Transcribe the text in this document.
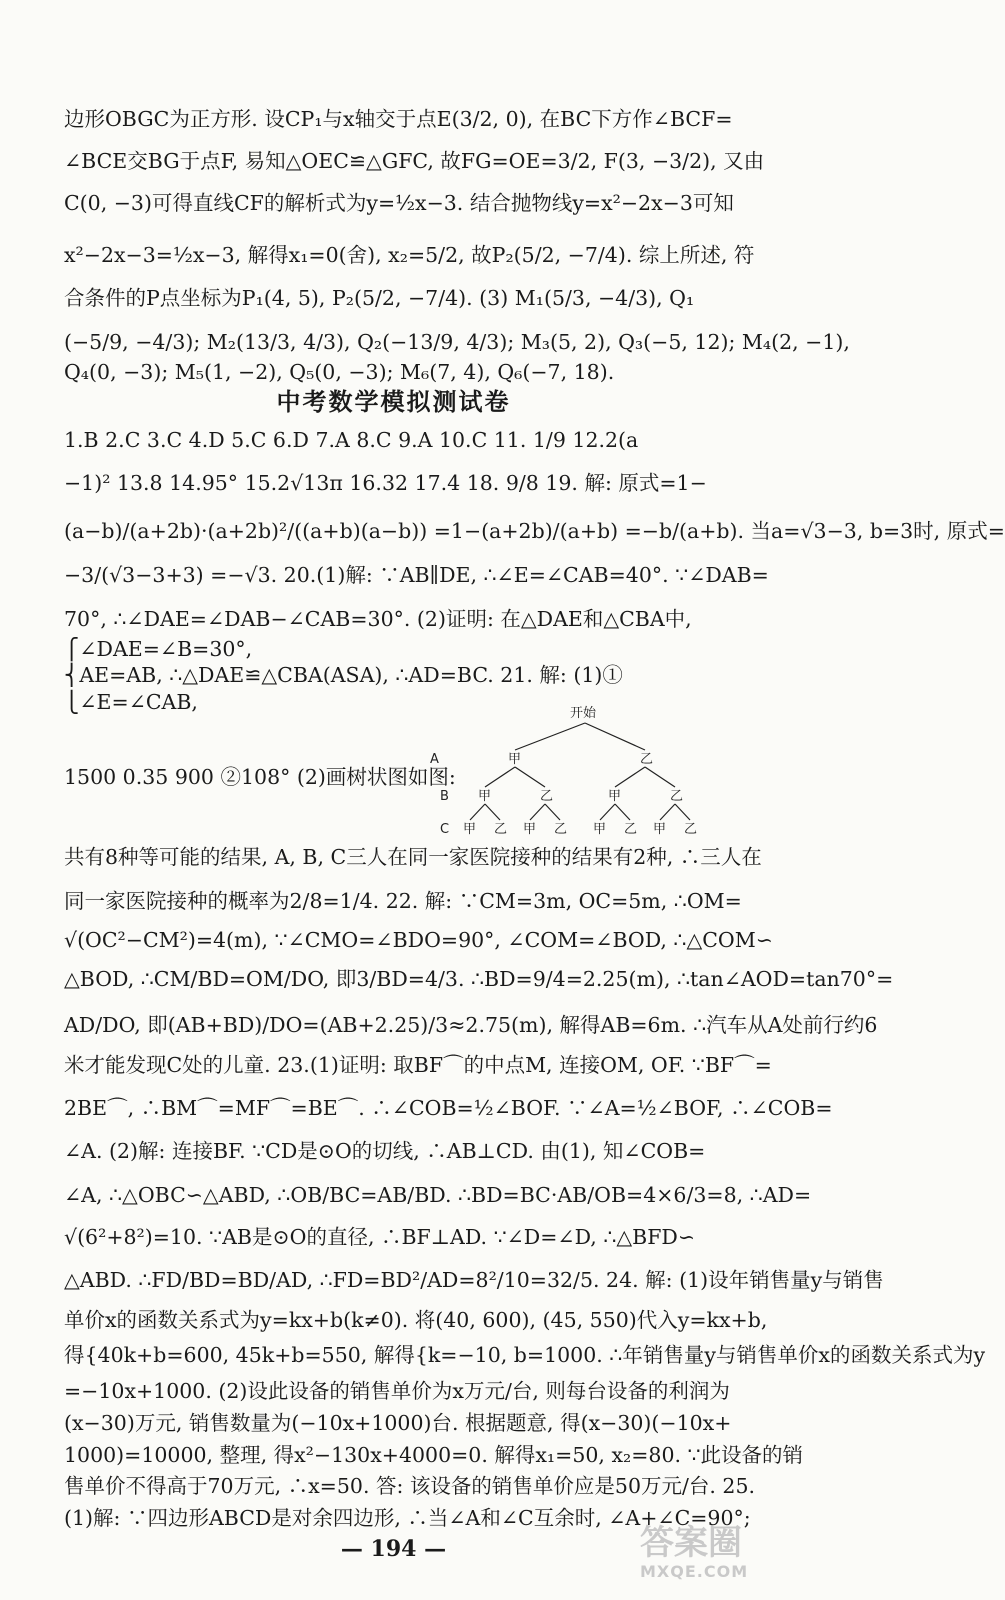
边形OBGC为正方形. 设CP₁与x轴交于点E(3/2, 0), 在BC下方作∠BCF=
∠BCE交BG于点F, 易知△OEC≌△GFC, 故FG=OE=3/2, F(3, −3/2), 又由
C(0, −3)可得直线CF的解析式为y=½x−3. 结合抛物线y=x²−2x−3可知
x²−2x−3=½x−3, 解得x₁=0(舍), x₂=5/2, 故P₂(5/2, −7/4). 综上所述, 符
合条件的P点坐标为P₁(4, 5), P₂(5/2, −7/4). (3) M₁(5/3, −4/3), Q₁
(−5/9, −4/3); M₂(13/3, 4/3), Q₂(−13/9, 4/3); M₃(5, 2), Q₃(−5, 12); M₄(2, −1),
Q₄(0, −3); M₅(1, −2), Q₅(0, −3); M₆(7, 4), Q₆(−7, 18).
中考数学模拟测试卷
1.B 2.C 3.C 4.D 5.C 6.D 7.A 8.C 9.A 10.C 11. 1/9 12.2(a
−1)² 13.8 14.95° 15.2√13π 16.32 17.4 18. 9/8 19. 解: 原式=1−
(a−b)/(a+2b)·(a+2b)²/((a+b)(a−b)) =1−(a+2b)/(a+b) =−b/(a+b). 当a=√3−3, b=3时, 原式=
−3/(√3−3+3) =−√3. 20.(1)解: ∵AB∥DE, ∴∠E=∠CAB=40°. ∵∠DAB=
70°, ∴∠DAE=∠DAB−∠CAB=30°. (2)证明: 在△DAE和△CBA中,
⎧∠DAE=∠B=30°,
⎨AE=AB, ∴△DAE≌△CBA(ASA), ∴AD=BC. 21. 解: (1)①
⎩∠E=∠CAB,
1500 0.35 900 ②108° (2)画树状图如图:
开始
A
B
C
甲	乙
甲	乙	甲	乙
甲 乙 甲 乙 甲 乙 甲 乙
共有8种等可能的结果, A, B, C三人在同一家医院接种的结果有2种, ∴三人在
同一家医院接种的概率为2/8=1/4. 22. 解: ∵CM=3m, OC=5m, ∴OM=
√(OC²−CM²)=4(m), ∵∠CMO=∠BDO=90°, ∠COM=∠BOD, ∴△COM∽
△BOD, ∴CM/BD=OM/DO, 即3/BD=4/3. ∴BD=9/4=2.25(m), ∴tan∠AOD=tan70°=
AD/DO, 即(AB+BD)/DO=(AB+2.25)/3≈2.75(m), 解得AB=6m. ∴汽车从A处前行约6
米才能发现C处的儿童. 23.(1)证明: 取BF⌒的中点M, 连接OM, OF. ∵BF⌒=
2BE⌒, ∴BM⌒=MF⌒=BE⌒. ∴∠COB=½∠BOF. ∵∠A=½∠BOF, ∴∠COB=
∠A. (2)解: 连接BF. ∵CD是⊙O的切线, ∴AB⊥CD. 由(1), 知∠COB=
∠A, ∴△OBC∽△ABD, ∴OB/BC=AB/BD. ∴BD=BC·AB/OB=4×6/3=8, ∴AD=
√(6²+8²)=10. ∵AB是⊙O的直径, ∴BF⊥AD. ∵∠D=∠D, ∴△BFD∽
△ABD. ∴FD/BD=BD/AD, ∴FD=BD²/AD=8²/10=32/5. 24. 解: (1)设年销售量y与销售
单价x的函数关系式为y=kx+b(k≠0). 将(40, 600), (45, 550)代入y=kx+b,
得{40k+b=600, 45k+b=550, 解得{k=−10, b=1000. ∴年销售量y与销售单价x的函数关系式为y
=−10x+1000. (2)设此设备的销售单价为x万元/台, 则每台设备的利润为
(x−30)万元, 销售数量为(−10x+1000)台. 根据题意, 得(x−30)(−10x+
1000)=10000, 整理, 得x²−130x+4000=0. 解得x₁=50, x₂=80. ∵此设备的销
售单价不得高于70万元, ∴x=50. 答: 该设备的销售单价应是50万元/台. 25.
(1)解: ∵四边形ABCD是对余四边形, ∴当∠A和∠C互余时, ∠A+∠C=90°;
— 194 —	答案圈
MXQE.COM
